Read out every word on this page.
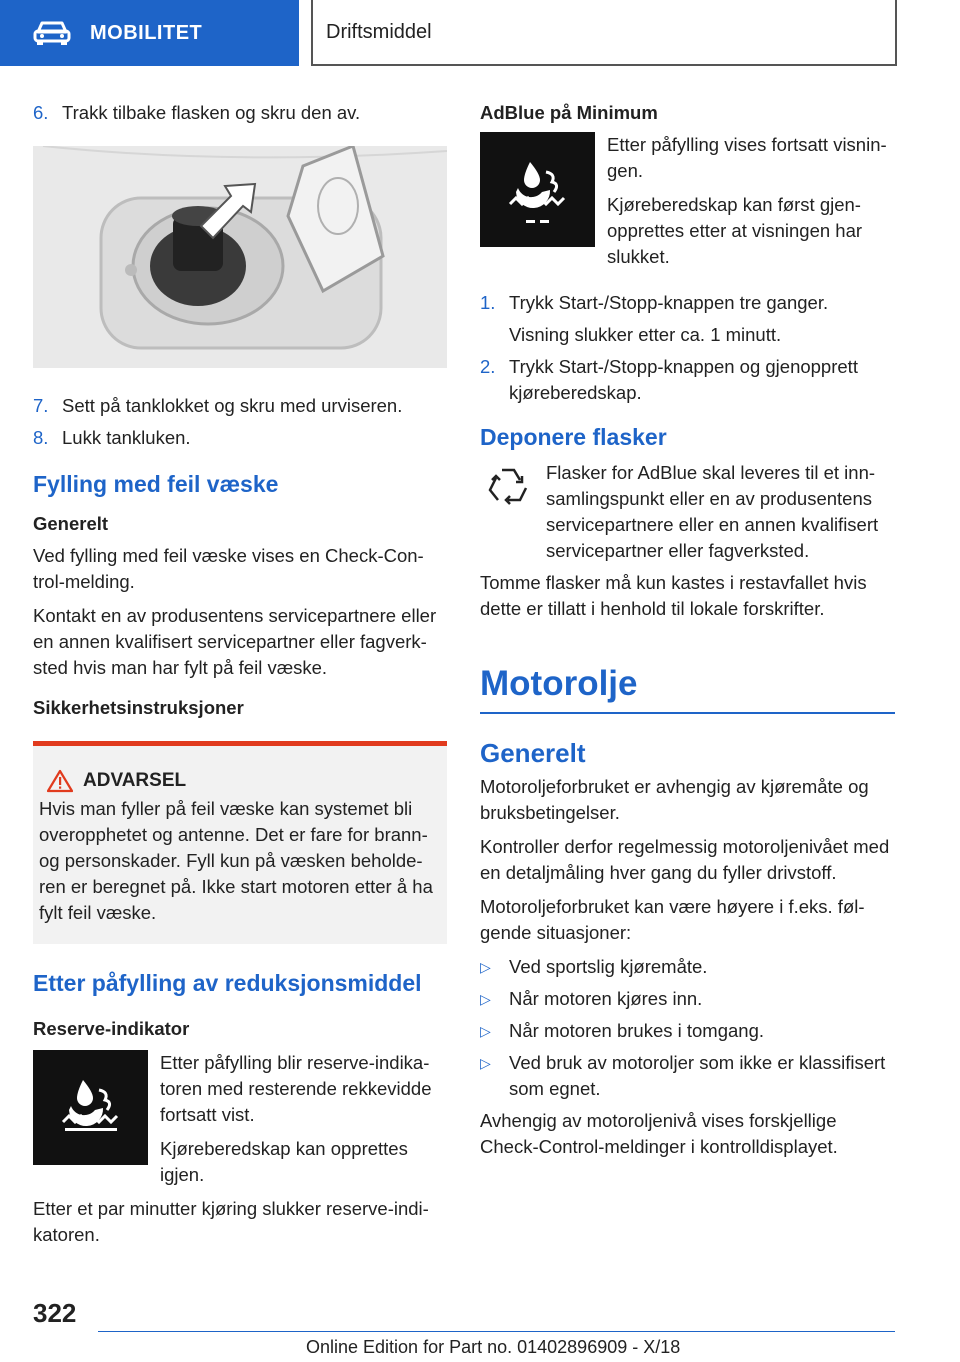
MOBILITET	Driftsmiddel
6. Trakk tilbake flasken og skru den av.
7. Sett på tanklokket og skru med urviseren.
8. Lukk tankluken.
Fylling med feil væske
Generelt

Ved fylling med feil væske vises en Check-Con-trol-melding.

Kontakt en av produsentens servicepartnere eller en annen kvalifisert servicepartner eller fagverk-sted hvis man har fylt på feil væske.

Sikkerhetsinstruksjoner
ADVARSEL
Hvis man fyller på feil væske kan systemet bli overopphetet og antenne. Det er fare for brann- og personskader. Fyll kun på væsken beholde-ren er beregnet på. Ikke start motoren etter å ha fylt feil væske.
Etter påfylling av reduksjonsmiddel
Reserve-indikator

Etter påfylling blir reserve-indika-toren med resterende rekkevidde fortsatt vist.

Kjøreberedskap kan opprettes igjen.

Etter et par minutter kjøring slukker reserve-indi-katoren.

AdBlue på Minimum

Etter påfylling vises fortsatt visnin-gen.

Kjøreberedskap kan først gjen-opprettes etter at visningen har slukket.

1. Trykk Start-/Stopp-knappen tre ganger.
Visning slukker etter ca. 1 minutt.
2. Trykk Start-/Stopp-knappen og gjenopprett kjøreberedskap.
Deponere flasker
Flasker for AdBlue skal leveres til et inn-samlingspunkt eller en av produsentens servicepartnere eller en annen kvalifisert servicepartner eller fagverksted.

Tomme flasker må kun kastes i restavfallet hvis dette er tillatt i henhold til lokale forskrifter.

Motorolje
Generelt

Motoroljeforbruket er avhengig av kjøremåte og bruksbetingelser.

Kontroller derfor regelmessig motoroljenivået med en detaljmåling hver gang du fyller drivstoff.

Motoroljeforbruket kan være høyere i f.eks. føl-gende situasjoner:

▷ Ved sportslig kjøremåte.
▷ Når motoren kjøres inn.
▷ Når motoren brukes i tomgang.
▷ Ved bruk av motoroljer som ikke er klassifisert som egnet.

Avhengig av motoroljenivå vises forskjellige Check-Control-meldinger i kontrolldisplayet.

322
Online Edition for Part no. 01402896909 - X/18
